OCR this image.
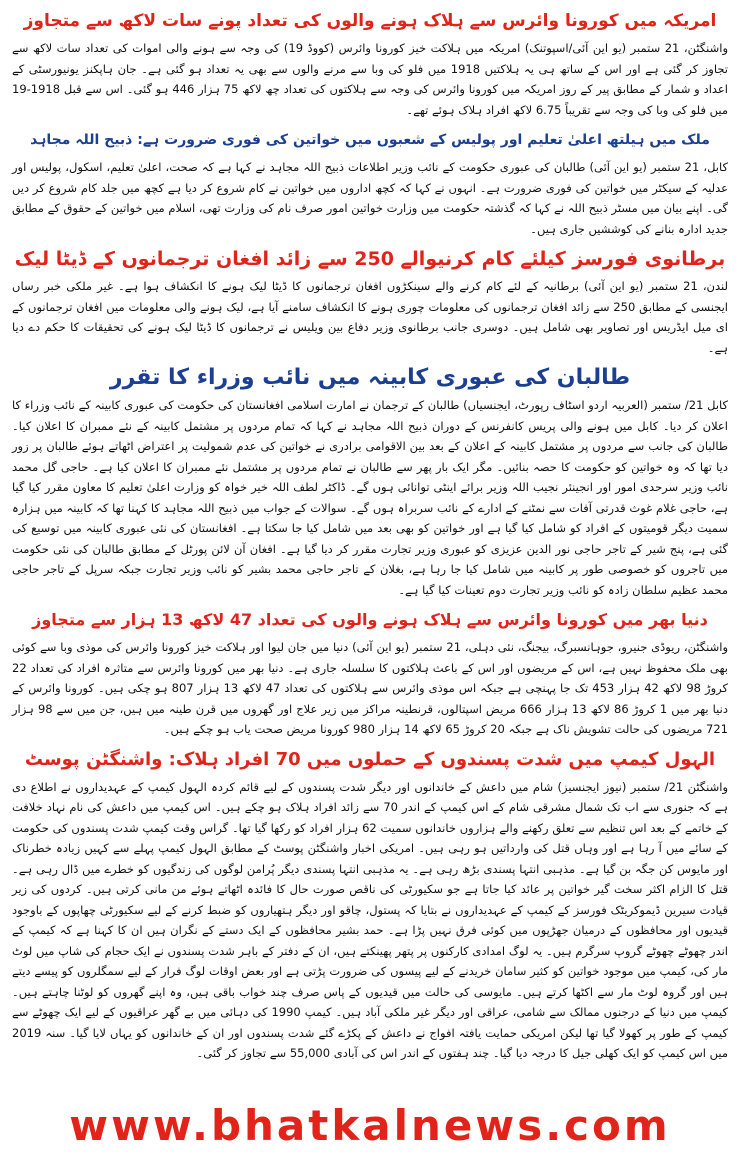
امریکہ میں کورونا وائرس سے ہلاک ہونے والوں کی تعداد پونے سات لاکھ سے متجاوز

واشنگٹن، 21 ستمبر (یو این آئی/اسپوتنک) امریکہ میں ہلاکت خیز کورونا وائرس (کووڈ 19) کی وجہ سے ہونے والی اموات کی تعداد سات لاکھ سے تجاوز کر گئی ہے اور اس کے ساتھ ہی یہ ہلاکتیں 1918 میں فلو کی وبا سے مرنے والوں سے بھی یہ تعداد ہو گئی ہے۔ جان ہاپکنز یونیورسٹی کے اعداد و شمار کے مطابق پیر کے روز امریکہ میں کورونا وائرس کی وجہ سے ہلاکتوں کی تعداد چھ لاکھ 75 ہزار 446 ہو گئی۔ اس سے قبل 1918-19 میں فلو کی وبا کی وجہ سے تقریباً 6.75 لاکھ افراد ہلاک ہوئے تھے۔

ملک میں ہیلتھ اعلیٰ تعلیم اور پولیس کے شعبوں میں خواتین کی فوری ضرورت ہے: ذبیح اللہ مجاہد

کابل، 21 ستمبر (یو این آئی) طالبان کی عبوری حکومت کے نائب وزیر اطلاعات ذبیح اللہ مجاہد نے کہا ہے کہ صحت، اعلیٰ تعلیم، اسکول، پولیس اور عدلیہ کے سیکٹر میں خواتین کی فوری ضرورت ہے۔ انہوں نے کہا کہ کچھ اداروں میں خواتین نے کام شروع کر دیا ہے کچھ میں جلد کام شروع کر دیں گی۔ اپنے بیان میں مسٹر ذبیح اللہ نے کہا کہ گذشتہ حکومت میں وزارت خواتین امور صرف نام کی وزارت تھی، اسلام میں خواتین کے حقوق کے مطابق جدید ادارہ بنانے کی کوششیں جاری ہیں۔

برطانوی فورسز کیلئے کام کرنیوالے 250 سے زائد افغان ترجمانوں کے ڈیٹا لیک

لندن، 21 ستمبر (یو این آئی) برطانیہ کے لئے کام کرنے والے سینکڑوں افغان ترجمانوں کا ڈیٹا لیک ہونے کا انکشاف ہوا ہے۔ غیر ملکی خبر رساں ایجنسی کے مطابق 250 سے زائد افغان ترجمانوں کی معلومات چوری ہونے کا انکشاف سامنے آیا ہے، لیک ہونے والی معلومات میں افغان ترجمانوں کے ای میل ایڈریس اور تصاویر بھی شامل ہیں۔ دوسری جانب برطانوی وزیر دفاع بین ویلیس نے ترجمانوں کا ڈیٹا لیک ہونے کی تحقیقات کا حکم دے دیا ہے۔

طالبان کی عبوری کابینہ میں نائب وزراء کا تقرر

کابل 21/ ستمبر (العربیہ اردو اسٹاف رپورٹ، ایجنسیاں) طالبان کے ترجمان نے امارت اسلامی افغانستان کی حکومت کی عبوری کابینہ کے نائب وزراء کا اعلان کر دیا۔ کابل میں ہونے والی پریس کانفرنس کے دوران ذبیح اللہ مجاہد نے کہا کہ تمام مردوں پر مشتمل کابینہ کے نئے ممبران کا اعلان کیا۔ طالبان کی جانب سے مردوں پر مشتمل کابینہ کے اعلان کے بعد بین الاقوامی برادری نے خواتین کی عدم شمولیت پر اعتراض اٹھاتے ہوئے طالبان پر زور دیا تھا کہ وہ خواتین کو حکومت کا حصہ بنائیں۔ مگر ایک بار پھر سے طالبان نے تمام مردوں پر مشتمل نئے ممبران کا اعلان کیا ہے۔ حاجی گل محمد نائب وزیر سرحدی امور اور انجینئر نجیب اللہ وزیر برائے اینٹی توانائی ہوں گے۔ ڈاکٹر لطف اللہ خیر خواہ کو وزارت اعلیٰ تعلیم کا معاون مقرر کیا گیا ہے، حاجی غلام غوث قدرتی آفات سے نمٹنے کے ادارے کے نائب سربراہ ہوں گے۔ سوالات کے جواب میں ذبیح اللہ مجاہد کا کہنا تھا کہ کابینہ میں ہزارہ سمیت دیگر قومیتوں کے افراد کو شامل کیا گیا ہے اور خواتین کو بھی بعد میں شامل کیا جا سکتا ہے۔ افغانستان کی نئی عبوری کابینہ میں توسیع کی گئی ہے، پنج شیر کے تاجر حاجی نور الدین عزیزی کو عبوری وزیر تجارت مقرر کر دیا گیا ہے۔ افغان آن لائن پورٹل کے مطابق طالبان کی نئی حکومت میں تاجروں کو خصوصی طور پر کابینہ میں شامل کیا جا رہا ہے، بغلان کے تاجر حاجی محمد بشیر کو نائب وزیر تجارت جبکہ سرپل کے تاجر حاجی محمد عظیم سلطان زادہ کو نائب وزیر تجارت دوم تعینات کیا گیا ہے۔

دنیا بھر میں کورونا وائرس سے ہلاک ہونے والوں کی تعداد 47 لاکھ 13 ہزار سے متجاوز

واشنگٹن، ریوڈی جنیرو، جوہانسبرگ، بیجنگ، نئی دہلی، 21 ستمبر (یو این آئی) دنیا میں جان لیوا اور ہلاکت خیز کورونا وائرس کی موذی وبا سے کوئی بھی ملک محفوظ نہیں ہے، اس کے مریضوں اور اس کے باعث ہلاکتوں کا سلسلہ جاری ہے۔ دنیا بھر میں کورونا وائرس سے متاثرہ افراد کی تعداد 22 کروڑ 98 لاکھ 42 ہزار 453 تک جا پہنچی ہے جبکہ اس موذی وائرس سے ہلاکتوں کی تعداد 47 لاکھ 13 ہزار 807 ہو چکی ہیں۔ کورونا وائرس کے دنیا بھر میں 1 کروڑ 86 لاکھ 13 ہزار 666 مریض اسپتالوں، قرنطینہ مراکز میں زیر علاج اور گھروں میں قرن طینہ میں ہیں، جن میں سے 98 ہزار 721 مریضوں کی حالت تشویش ناک ہے جبکہ 20 کروڑ 65 لاکھ 14 ہزار 980 کورونا مریض صحت یاب ہو چکے ہیں۔

الہول کیمپ میں شدت پسندوں کے حملوں میں 70 افراد ہلاک: واشنگٹن پوسٹ

واشنگٹن 21/ ستمبر (نیوز ایجنسیز) شام میں داعش کے خاندانوں اور دیگر شدت پسندوں کے لیے قائم کردہ الہول کیمپ کے عہدیداروں نے اطلاع دی ہے کہ جنوری سے اب تک شمال مشرقی شام کے اس کیمپ کے اندر 70 سے زائد افراد ہلاک ہو چکے ہیں۔ اس کیمپ میں داعش کی نام نہاد خلافت کے خاتمے کے بعد اس تنظیم سے تعلق رکھنے والے ہزاروں خاندانوں سمیت 62 ہزار افراد کو رکھا گیا تھا۔ گراس وقت کیمپ شدت پسندوں کی حکومت کے سائے میں آ رہا ہے اور وہاں قتل کی وارداتیں ہو رہی ہیں۔ امریکی اخبار واشنگٹن پوسٹ کے مطابق الہول کیمپ پہلے سے کہیں زیادہ خطرناک اور مایوس کن جگہ بن گیا ہے۔ مذہبی انتہا پسندی بڑھ رہی ہے۔ یہ مذہبی انتہا پسندی دیگر پُرامن لوگوں کی زندگیوں کو خطرے میں ڈال رہی ہے۔ قتل کا الزام اکثر سخت گیر خواتین پر عائد کیا جاتا ہے جو سکیورٹی کی ناقص صورت حال کا فائدہ اٹھاتے ہوئے من مانی کرتی ہیں۔ کردوں کی زیر قیادت سیرین ڈیموکریٹک فورسز کے کیمپ کے عہدیداروں نے بتایا کہ پستول، چاقو اور دیگر ہتھیاروں کو ضبط کرنے کے لیے سکیورٹی چھاپوں کے باوجود قیدیوں اور محافظوں کے درمیان جھڑپوں میں کوئی فرق نہیں پڑا ہے۔ حمد بشیر محافظوں کے ایک دستے کے نگران ہیں ان کا کہنا ہے کہ کیمپ کے اندر چھوٹے چھوٹے گروپ سرگرم ہیں۔ یہ لوگ امدادی کارکنوں پر پتھر پھینکتے ہیں، ان کے دفتر کے باہر شدت پسندوں نے ایک حجام کی شاپ میں لوٹ مار کی، کیمپ میں موجود خواتین کو کثیر سامان خریدنے کے لیے پیسوں کی ضرورت پڑتی ہے اور بعض اوقات لوگ فرار کے لیے سمگلروں کو پیسے دیتے ہیں اور گروہ لوٹ مار سے اکٹھا کرتے ہیں۔ مایوسی کی حالت میں قیدیوں کے پاس صرف چند خواب باقی ہیں، وہ اپنے گھروں کو لوٹنا چاہتے ہیں۔ کیمپ میں دنیا کے درجنوں ممالک سے شامی، عراقی اور دیگر غیر ملکی آباد ہیں۔ کیمپ 1990 کی دہائی میں بے گھر عراقیوں کے لیے ایک چھوٹے سے کیمپ کے طور پر کھولا گیا تھا لیکن امریکی حمایت یافتہ افواج نے داعش کے پکڑے گئے شدت پسندوں اور ان کے خاندانوں کو یہاں لایا گیا۔ سنہ 2019 میں اس کیمپ کو ایک کھلی جیل کا درجہ دیا گیا۔ چند ہفتوں کے اندر اس کی آبادی 55,000 سے تجاوز کر گئی۔

www.bhatkalnews.com
